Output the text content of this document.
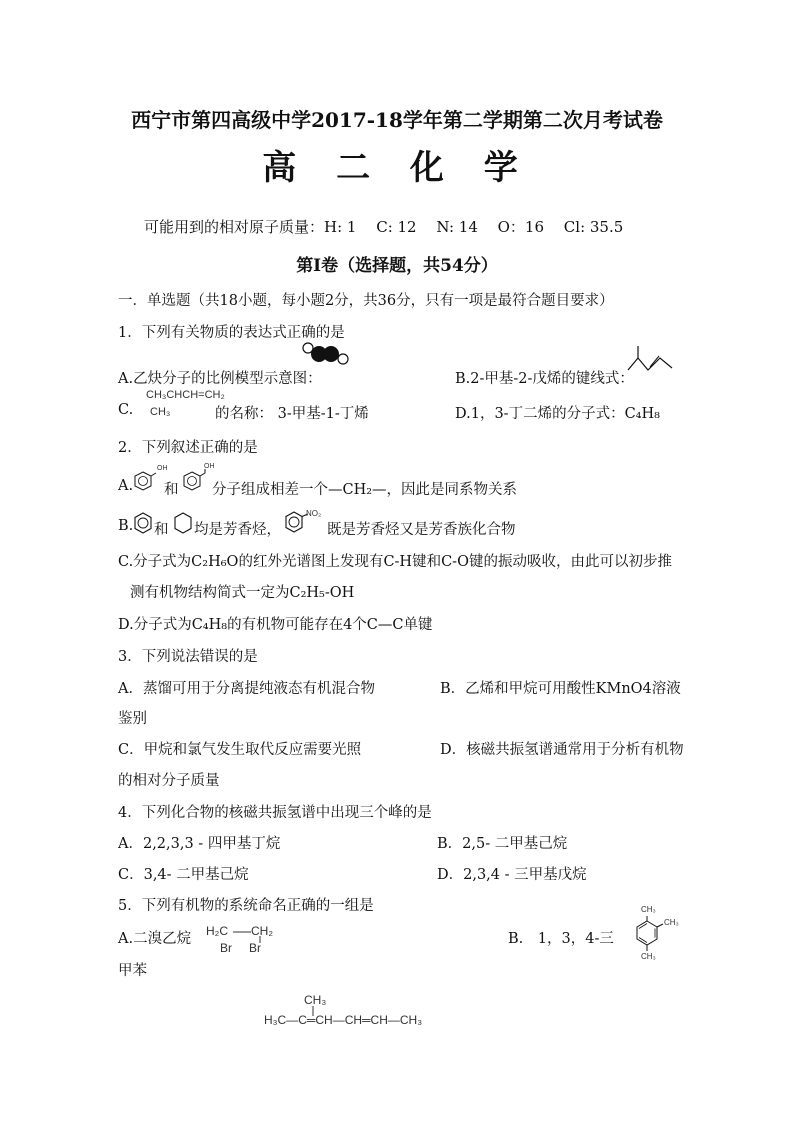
西宁市第四高级中学2017-18学年第二学期第二次月考试卷
高 二 化 学
可能用到的相对原子质量：H: 1　 C: 12　 N: 14　 O：16　 Cl: 35.5
第Ⅰ卷（选择题，共54分）
一．单选题（共18小题，每小题2分，共36分，只有一项是最符合题目要求）
1．下列有关物质的表达式正确的是
A.乙炔分子的比例模型示意图：	B.2-甲基-2-戊烯的键线式：
C.
CH₃CHCH=CH₂
CH₃	的名称： 3-甲基-1-丁烯	D.1，3-丁二烯的分子式：C₄H₈
2．下列叙述正确的是
A.
OH
和
OH
分子组成相差一个—CH₂—，因此是同系物关系
B. 和 均是芳香烃，
NO₂
既是芳香烃又是芳香族化合物
C.分子式为C₂H₆O的红外光谱图上发现有C-H键和C-O键的振动吸收，由此可以初步推
测有机物结构简式一定为C₂H₅-OH
D.分子式为C₄H₈的有机物可能存在4个C—C单键
3．下列说法错误的是
A．蒸馏可用于分离提纯液态有机混合物	B．乙烯和甲烷可用酸性KMnO4溶液
鉴别
C．甲烷和氯气发生取代反应需要光照	D．核磁共振氢谱通常用于分析有机物
的相对分子质量
4．下列化合物的核磁共振氢谱中出现三个峰的是
A．2,2,3,3 - 四甲基丁烷	B．2,5- 二甲基己烷
C．3,4- 二甲基己烷	D．2,3,4 - 三甲基戊烷
5．下列有机物的系统命名正确的一组是
A.二溴乙烷 H₂C CH₂
Br Br
B.　1，3，4-三
甲苯
CH₃
CH₃
CH₃
CH₃
H₃C—C═CH—CH═CH—CH₃
